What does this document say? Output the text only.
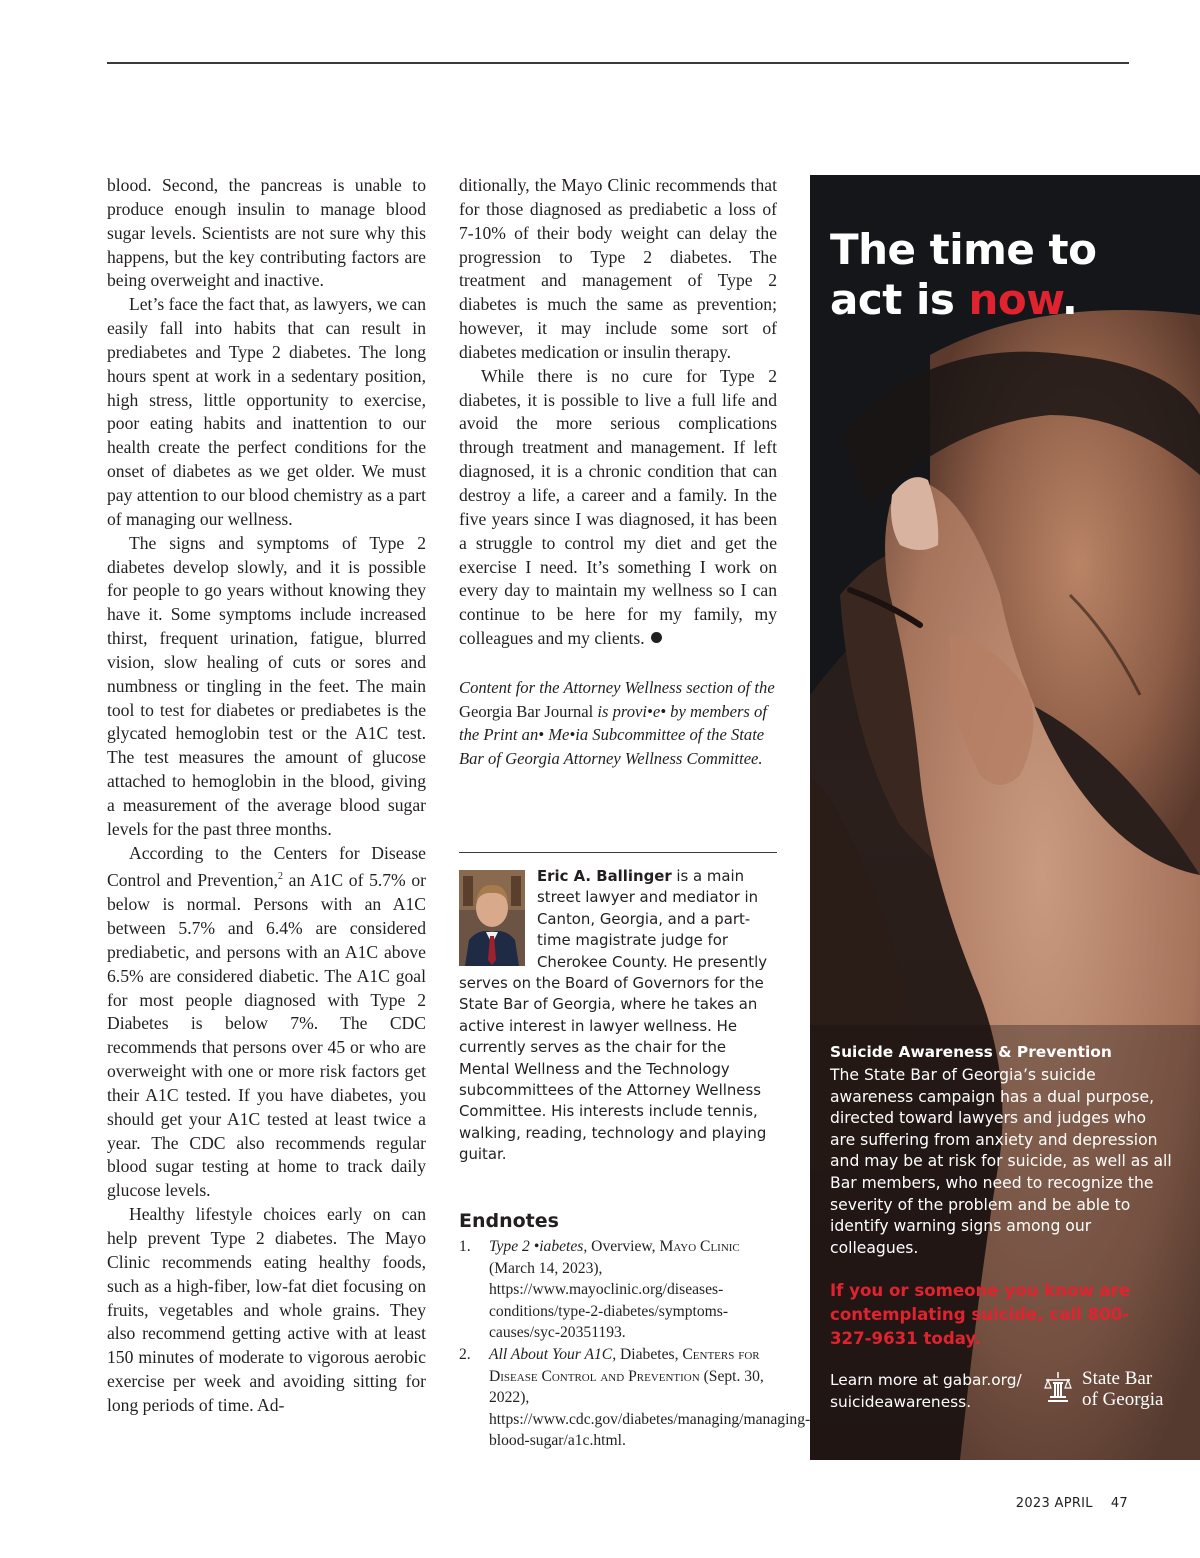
blood. Second, the pancreas is unable to produce enough insulin to manage blood sugar levels. Scientists are not sure why this happens, but the key contributing factors are being overweight and inactive.

Let’s face the fact that, as lawyers, we can easily fall into habits that can result in prediabetes and Type 2 diabetes. The long hours spent at work in a sedentary position, high stress, little opportunity to exercise, poor eating habits and inattention to our health create the perfect conditions for the onset of diabetes as we get older. We must pay attention to our blood chemistry as a part of managing our wellness.

The signs and symptoms of Type 2 diabetes develop slowly, and it is possible for people to go years without knowing they have it. Some symptoms include increased thirst, frequent urination, fatigue, blurred vision, slow healing of cuts or sores and numbness or tingling in the feet. The main tool to test for diabetes or prediabetes is the glycated hemoglobin test or the A1C test. The test measures the amount of glucose attached to hemoglobin in the blood, giving a measurement of the average blood sugar levels for the past three months.

According to the Centers for Disease Control and Prevention,$^2$ an A1C of 5.7% or below is normal. Persons with an A1C between 5.7% and 6.4% are considered prediabetic, and persons with an A1C above 6.5% are considered diabetic. The A1C goal for most people diagnosed with Type 2 Diabetes is below 7%. The CDC recommends that persons over 45 or who are overweight with one or more risk factors get their A1C tested. If you have diabetes, you should get your A1C tested at least twice a year. The CDC also recommends regular blood sugar testing at home to track daily glucose levels.

Healthy lifestyle choices early on can help prevent Type 2 diabetes. The Mayo Clinic recommends eating healthy foods, such as a high-fiber, low-fat diet focusing on fruits, vegetables and whole grains. They also recommend getting active with at least 150 minutes of moderate to vigorous aerobic exercise per week and avoiding sitting for long periods of time. Ad-

ditionally, the Mayo Clinic recommends that for those diagnosed as prediabetic a loss of 7-10% of their body weight can delay the progression to Type 2 diabetes. The treatment and management of Type 2 diabetes is much the same as prevention; however, it may include some sort of diabetes medication or insulin therapy.

While there is no cure for Type 2 diabetes, it is possible to live a full life and avoid the more serious complications through treatment and management. If left diagnosed, it is a chronic condition that can destroy a life, a career and a family. In the five years since I was diagnosed, it has been a struggle to control my diet and get the exercise I need. It’s something I work on every day to maintain my wellness so I can continue to be here for my family, my colleagues and my clients.

Content for the Attorney Wellness section of the Georgia Bar Journal is provi•e• by members of the Print an• Me•ia Subcommittee of the State Bar of Georgia Attorney Wellness Committee.
Eric A. Ballinger is a main street lawyer and mediator in Canton, Georgia, and a part-time magistrate judge for Cherokee County. He presently serves on the Board of Governors for the State Bar of Georgia, where he takes an active interest in lawyer wellness. He currently serves as the chair for the Mental Wellness and the Technology subcommittees of the Attorney Wellness Committee. His interests include tennis, walking, reading, technology and playing guitar.
Endnotes
1. Type 2 •iabetes, Overview, Mayo Clinic (March 14, 2023), https://www.mayoclinic.org/diseases-conditions/type-2-diabetes/symptoms-causes/syc-20351193.
2. All About Your A1C, Diabetes, Centers for Disease Control and Prevention (Sept. 30, 2022), https://www.cdc.gov/diabetes/managing/managing-blood-sugar/a1c.html.
The time to
act is now.
Suicide Awareness & Prevention
The State Bar of Georgia’s suicide awareness campaign has a dual purpose, directed toward lawyers and judges who are suffering from anxiety and depression and may be at risk for suicide, as well as all Bar members, who need to recognize the severity of the problem and be able to identify warning signs among our colleagues.
If you or someone you know are contemplating suicide, call 800-327-9631 today.
Learn more at gabar.org/ suicideawareness.
State Bar
of Georgia
2023 APRIL 47
